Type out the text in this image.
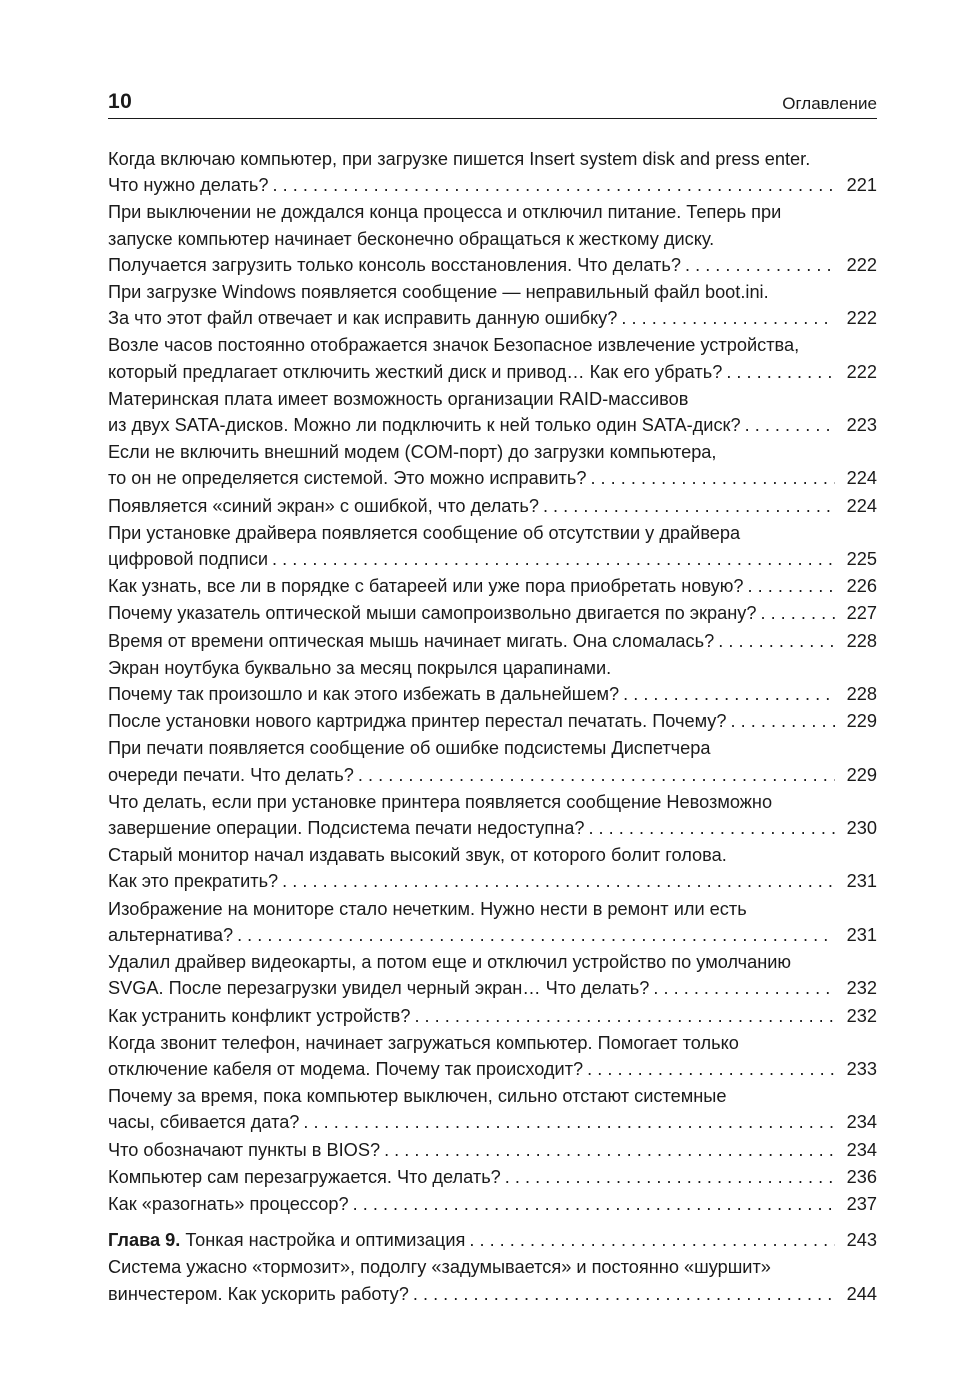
10	Оглавление
Когда включаю компьютер, при загрузке пишется Insert system disk and press enter.
Что нужно делать? . . .	221
При выключении не дождался конца процесса и отключил питание. Теперь при
запуске компьютер начинает бесконечно обращаться к жесткому диску.
Получается загрузить только консоль восстановления. Что делать? . . .	222
При загрузке Windows появляется сообщение — неправильный файл boot.ini.
За что этот файл отвечает и как исправить данную ошибку? . . .	222
Возле часов постоянно отображается значок Безопасное извлечение устройства,
который предлагает отключить жесткий диск и привод… Как его убрать? . . .	222
Материнская плата имеет возможность организации RAID-массивов
из двух SATA-дисков. Можно ли подключить к ней только один SATA-диск? . . .	223
Если не включить внешний модем (COM-порт) до загрузки компьютера,
то он не определяется системой. Это можно исправить? . . .	224
Появляется «синий экран» с ошибкой, что делать? . . .	224
При установке драйвера появляется сообщение об отсутствии у драйвера
цифровой подписи . . .	225
Как узнать, все ли в порядке с батареей или уже пора приобретать новую? . . .	226
Почему указатель оптической мыши самопроизвольно двигается по экрану? . . .	227
Время от времени оптическая мышь начинает мигать. Она сломалась? . . .	228
Экран ноутбука буквально за месяц покрылся царапинами.
Почему так произошло и как этого избежать в дальнейшем? . . .	228
После установки нового картриджа принтер перестал печатать. Почему? . . .	229
При печати появляется сообщение об ошибке подсистемы Диспетчера
очереди печати. Что делать? . . .	229
Что делать, если при установке принтера появляется сообщение Невозможно
завершение операции. Подсистема печати недоступна? . . .	230
Старый монитор начал издавать высокий звук, от которого болит голова.
Как это прекратить? . . .	231
Изображение на мониторе стало нечетким. Нужно нести в ремонт или есть
альтернатива? . . .	231
Удалил драйвер видеокарты, а потом еще и отключил устройство по умолчанию
SVGA. После перезагрузки увидел черный экран… Что делать? . . .	232
Как устранить конфликт устройств? . . .	232
Когда звонит телефон, начинает загружаться компьютер. Помогает только
отключение кабеля от модема. Почему так происходит? . . .	233
Почему за время, пока компьютер выключен, сильно отстают системные
часы, сбивается дата? . . .	234
Что обозначают пункты в BIOS? . . .	234
Компьютер сам перезагружается. Что делать? . . .	236
Как «разогнать» процессор? . . .	237
Глава 9. Тонкая настройка и оптимизация . . .	243
Система ужасно «тормозит», подолгу «задумывается» и постоянно «шуршит»
винчестером. Как ускорить работу? . . .	244
